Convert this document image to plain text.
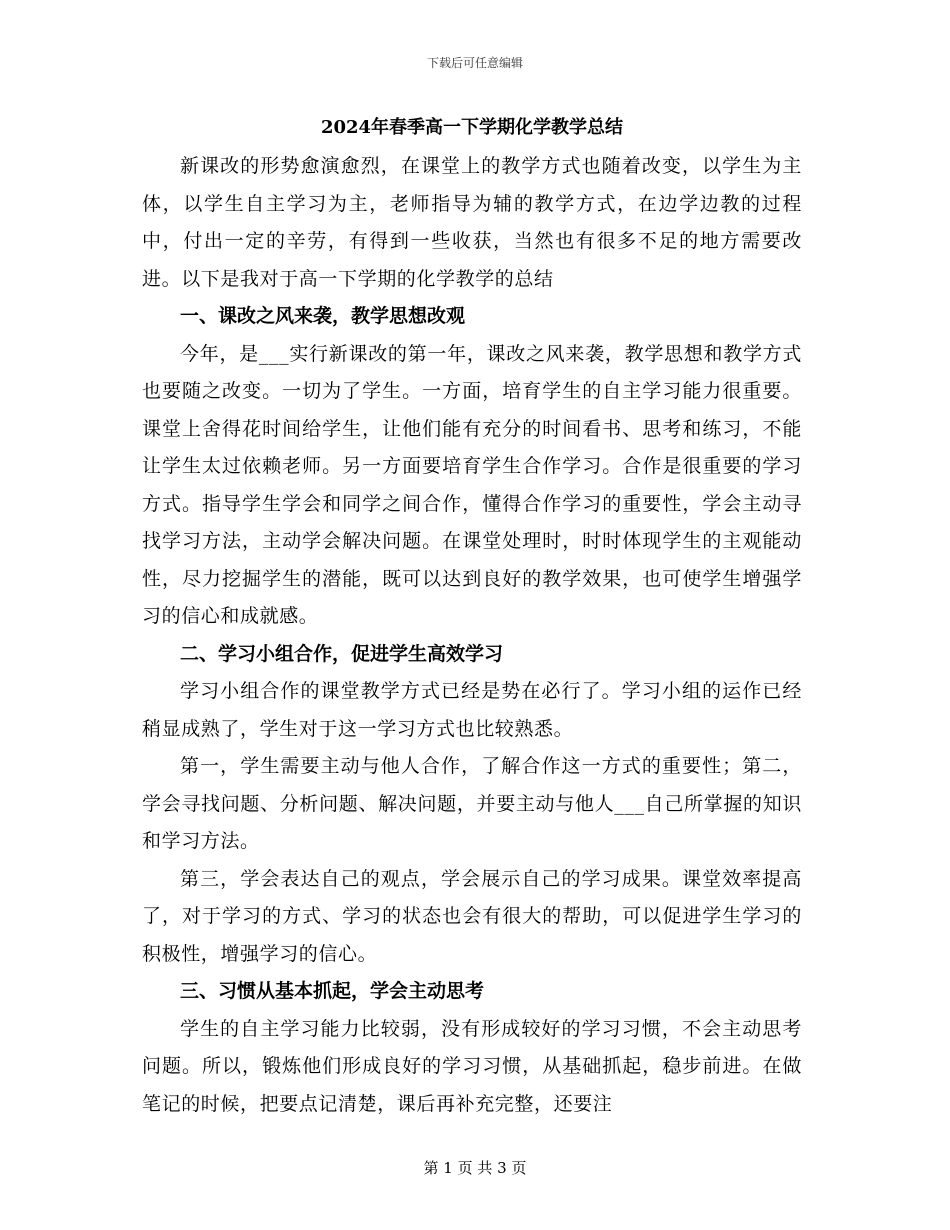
下载后可任意编辑
2024年春季高一下学期化学教学总结

新课改的形势愈演愈烈，在课堂上的教学方式也随着改变，以学生为主体，以学生自主学习为主，老师指导为辅的教学方式，在边学边教的过程中，付出一定的辛劳，有得到一些收获，当然也有很多不足的地方需要改进。以下是我对于高一下学期的化学教学的总结

一、课改之风来袭，教学思想改观

今年，是___实行新课改的第一年，课改之风来袭，教学思想和教学方式也要随之改变。一切为了学生。一方面，培育学生的自主学习能力很重要。课堂上舍得花时间给学生，让他们能有充分的时间看书、思考和练习，不能让学生太过依赖老师。另一方面要培育学生合作学习。合作是很重要的学习方式。指导学生学会和同学之间合作，懂得合作学习的重要性，学会主动寻找学习方法，主动学会解决问题。在课堂处理时，时时体现学生的主观能动性，尽力挖掘学生的潜能，既可以达到良好的教学效果，也可使学生增强学习的信心和成就感。

二、学习小组合作，促进学生高效学习

学习小组合作的课堂教学方式已经是势在必行了。学习小组的运作已经稍显成熟了，学生对于这一学习方式也比较熟悉。

第一，学生需要主动与他人合作，了解合作这一方式的重要性；第二，学会寻找问题、分析问题、解决问题，并要主动与他人___自己所掌握的知识和学习方法。

第三，学会表达自己的观点，学会展示自己的学习成果。课堂效率提高了，对于学习的方式、学习的状态也会有很大的帮助，可以促进学生学习的积极性，增强学习的信心。

三、习惯从基本抓起，学会主动思考

学生的自主学习能力比较弱，没有形成较好的学习习惯，不会主动思考问题。所以，锻炼他们形成良好的学习习惯，从基础抓起，稳步前进。在做笔记的时候，把要点记清楚，课后再补充完整，还要注

第 1 页 共 3 页
